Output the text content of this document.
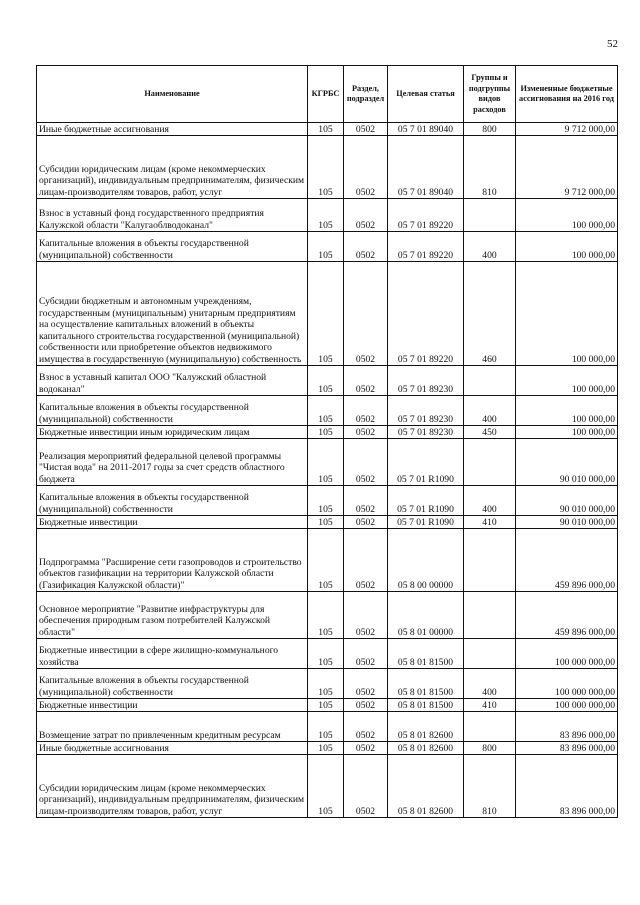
52
Наименование	КГРБС	Раздел, подраздел	Целевая статья	Группы и подгруппы видов расходов	Измененные бюджетные ассигнования на 2016 год
Иные бюджетные ассигнования	105	0502	05 7 01 89040	800	9 712 000,00
Субсидии юридическим лицам (кроме некоммерческих организаций), индивидуальным предпринимателям, физическим лицам-производителям товаров, работ, услуг	105	0502	05 7 01 89040	810	9 712 000,00
Взнос в уставный фонд государственного предприятия Калужской области "Калугаоблводоканал"	105	0502	05 7 01 89220		100 000,00
Капитальные вложения в объекты государственной (муниципальной) собственности	105	0502	05 7 01 89220	400	100 000,00
Субсидии бюджетным и автономным учреждениям, государственным (муниципальным) унитарным предприятиям на осуществление капитальных вложений в объекты капитального строительства государственной (муниципальной) собственности или приобретение объектов недвижимого имущества в государственную (муниципальную) собственность	105	0502	05 7 01 89220	460	100 000,00
Взнос в уставный капитал ООО "Калужский областной водоканал"	105	0502	05 7 01 89230		100 000,00
Капитальные вложения в объекты государственной (муниципальной) собственности	105	0502	05 7 01 89230	400	100 000,00
Бюджетные инвестиции иным юридическим лицам	105	0502	05 7 01 89230	450	100 000,00
Реализация мероприятий федеральной целевой программы "Чистая вода" на 2011-2017 годы за счет средств областного бюджета	105	0502	05 7 01 R1090		90 010 000,00
Капитальные вложения в объекты государственной (муниципальной) собственности	105	0502	05 7 01 R1090	400	90 010 000,00
Бюджетные инвестиции	105	0502	05 7 01 R1090	410	90 010 000,00
Подпрограмма "Расширение сети газопроводов и строительство объектов газификации на территории Калужской области (Газификация Калужской области)"	105	0502	05 8 00 00000		459 896 000,00
Основное мероприятие "Развитие инфраструктуры для обеспечения природным газом потребителей Калужской области"	105	0502	05 8 01 00000		459 896 000,00
Бюджетные инвестиции в сфере жилищно-коммунального хозяйства	105	0502	05 8 01 81500		100 000 000,00
Капитальные вложения в объекты государственной (муниципальной) собственности	105	0502	05 8 01 81500	400	100 000 000,00
Бюджетные инвестиции	105	0502	05 8 01 81500	410	100 000 000,00
Возмещение затрат по привлеченным кредитным ресурсам	105	0502	05 8 01 82600		83 896 000,00
Иные бюджетные ассигнования	105	0502	05 8 01 82600	800	83 896 000,00
Субсидии юридическим лицам (кроме некоммерческих организаций), индивидуальным предпринимателям, физическим лицам-производителям товаров, работ, услуг	105	0502	05 8 01 82600	810	83 896 000,00
